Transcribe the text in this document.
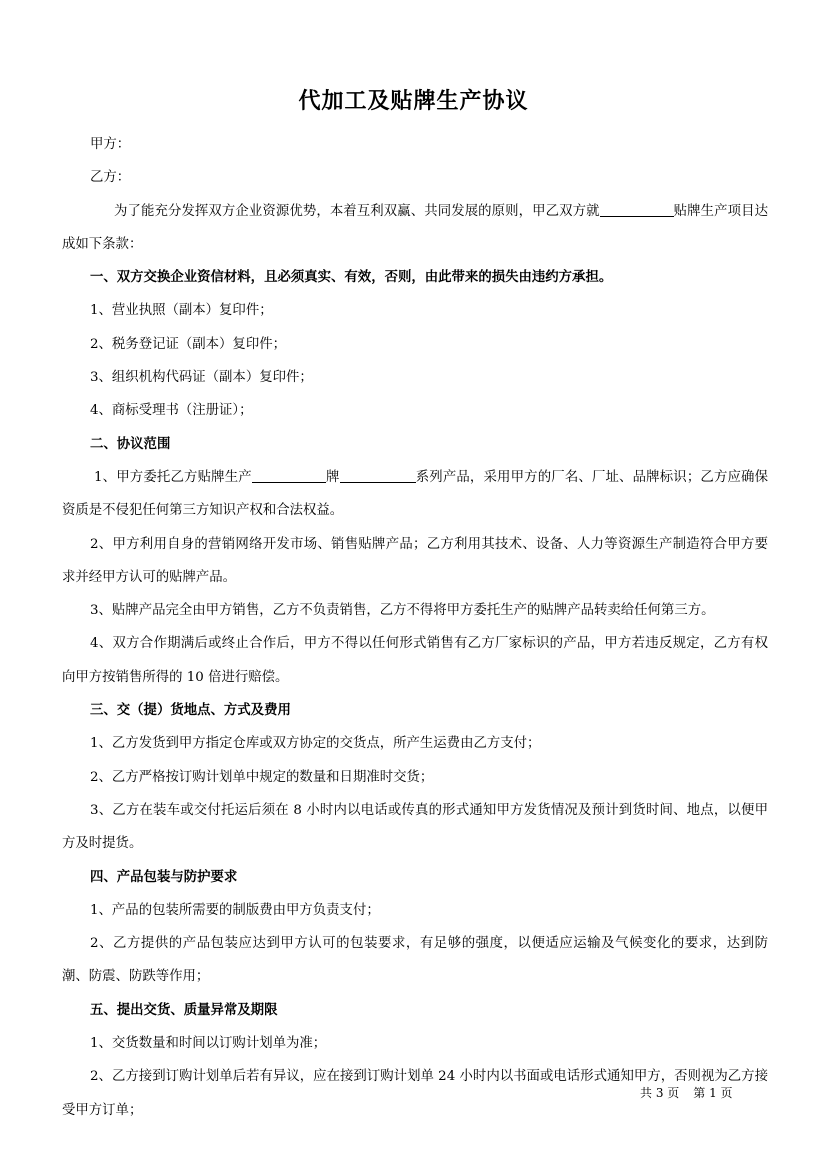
代加工及贴牌生产协议

甲方：

乙方：

为了能充分发挥双方企业资源优势，本着互利双赢、共同发展的原则，甲乙双方就	贴牌生产项目达成如下条款：

一、双方交换企业资信材料，且必须真实、有效，否则，由此带来的损失由违约方承担。

1、营业执照（副本）复印件；

2、税务登记证（副本）复印件；

3、组织机构代码证（副本）复印件；

4、商标受理书（注册证）；

二、协议范围

1、甲方委托乙方贴牌生产	牌	系列产品，采用甲方的厂名、厂址、品牌标识；乙方应确保资质是不侵犯任何第三方知识产权和合法权益。

2、甲方利用自身的营销网络开发市场、销售贴牌产品；乙方利用其技术、设备、人力等资源生产制造符合甲方要求并经甲方认可的贴牌产品。

3、贴牌产品完全由甲方销售，乙方不负责销售，乙方不得将甲方委托生产的贴牌产品转卖给任何第三方。

4、双方合作期满后或终止合作后，甲方不得以任何形式销售有乙方厂家标识的产品，甲方若违反规定，乙方有权向甲方按销售所得的 10 倍进行赔偿。

三、交（提）货地点、方式及费用

1、乙方发货到甲方指定仓库或双方协定的交货点，所产生运费由乙方支付；

2、乙方严格按订购计划单中规定的数量和日期准时交货；

3、乙方在装车或交付托运后须在 8 小时内以电话或传真的形式通知甲方发货情况及预计到货时间、地点，以便甲方及时提货。

四、产品包装与防护要求

1、产品的包装所需要的制版费由甲方负责支付；

2、乙方提供的产品包装应达到甲方认可的包装要求，有足够的强度，以便适应运输及气候变化的要求，达到防潮、防震、防跌等作用；

五、提出交货、质量异常及期限

1、交货数量和时间以订购计划单为准；

2、乙方接到订购计划单后若有异议，应在接到订购计划单 24 小时内以书面或电话形式通知甲方，否则视为乙方接受甲方订单；

共 3 页 第 1 页
